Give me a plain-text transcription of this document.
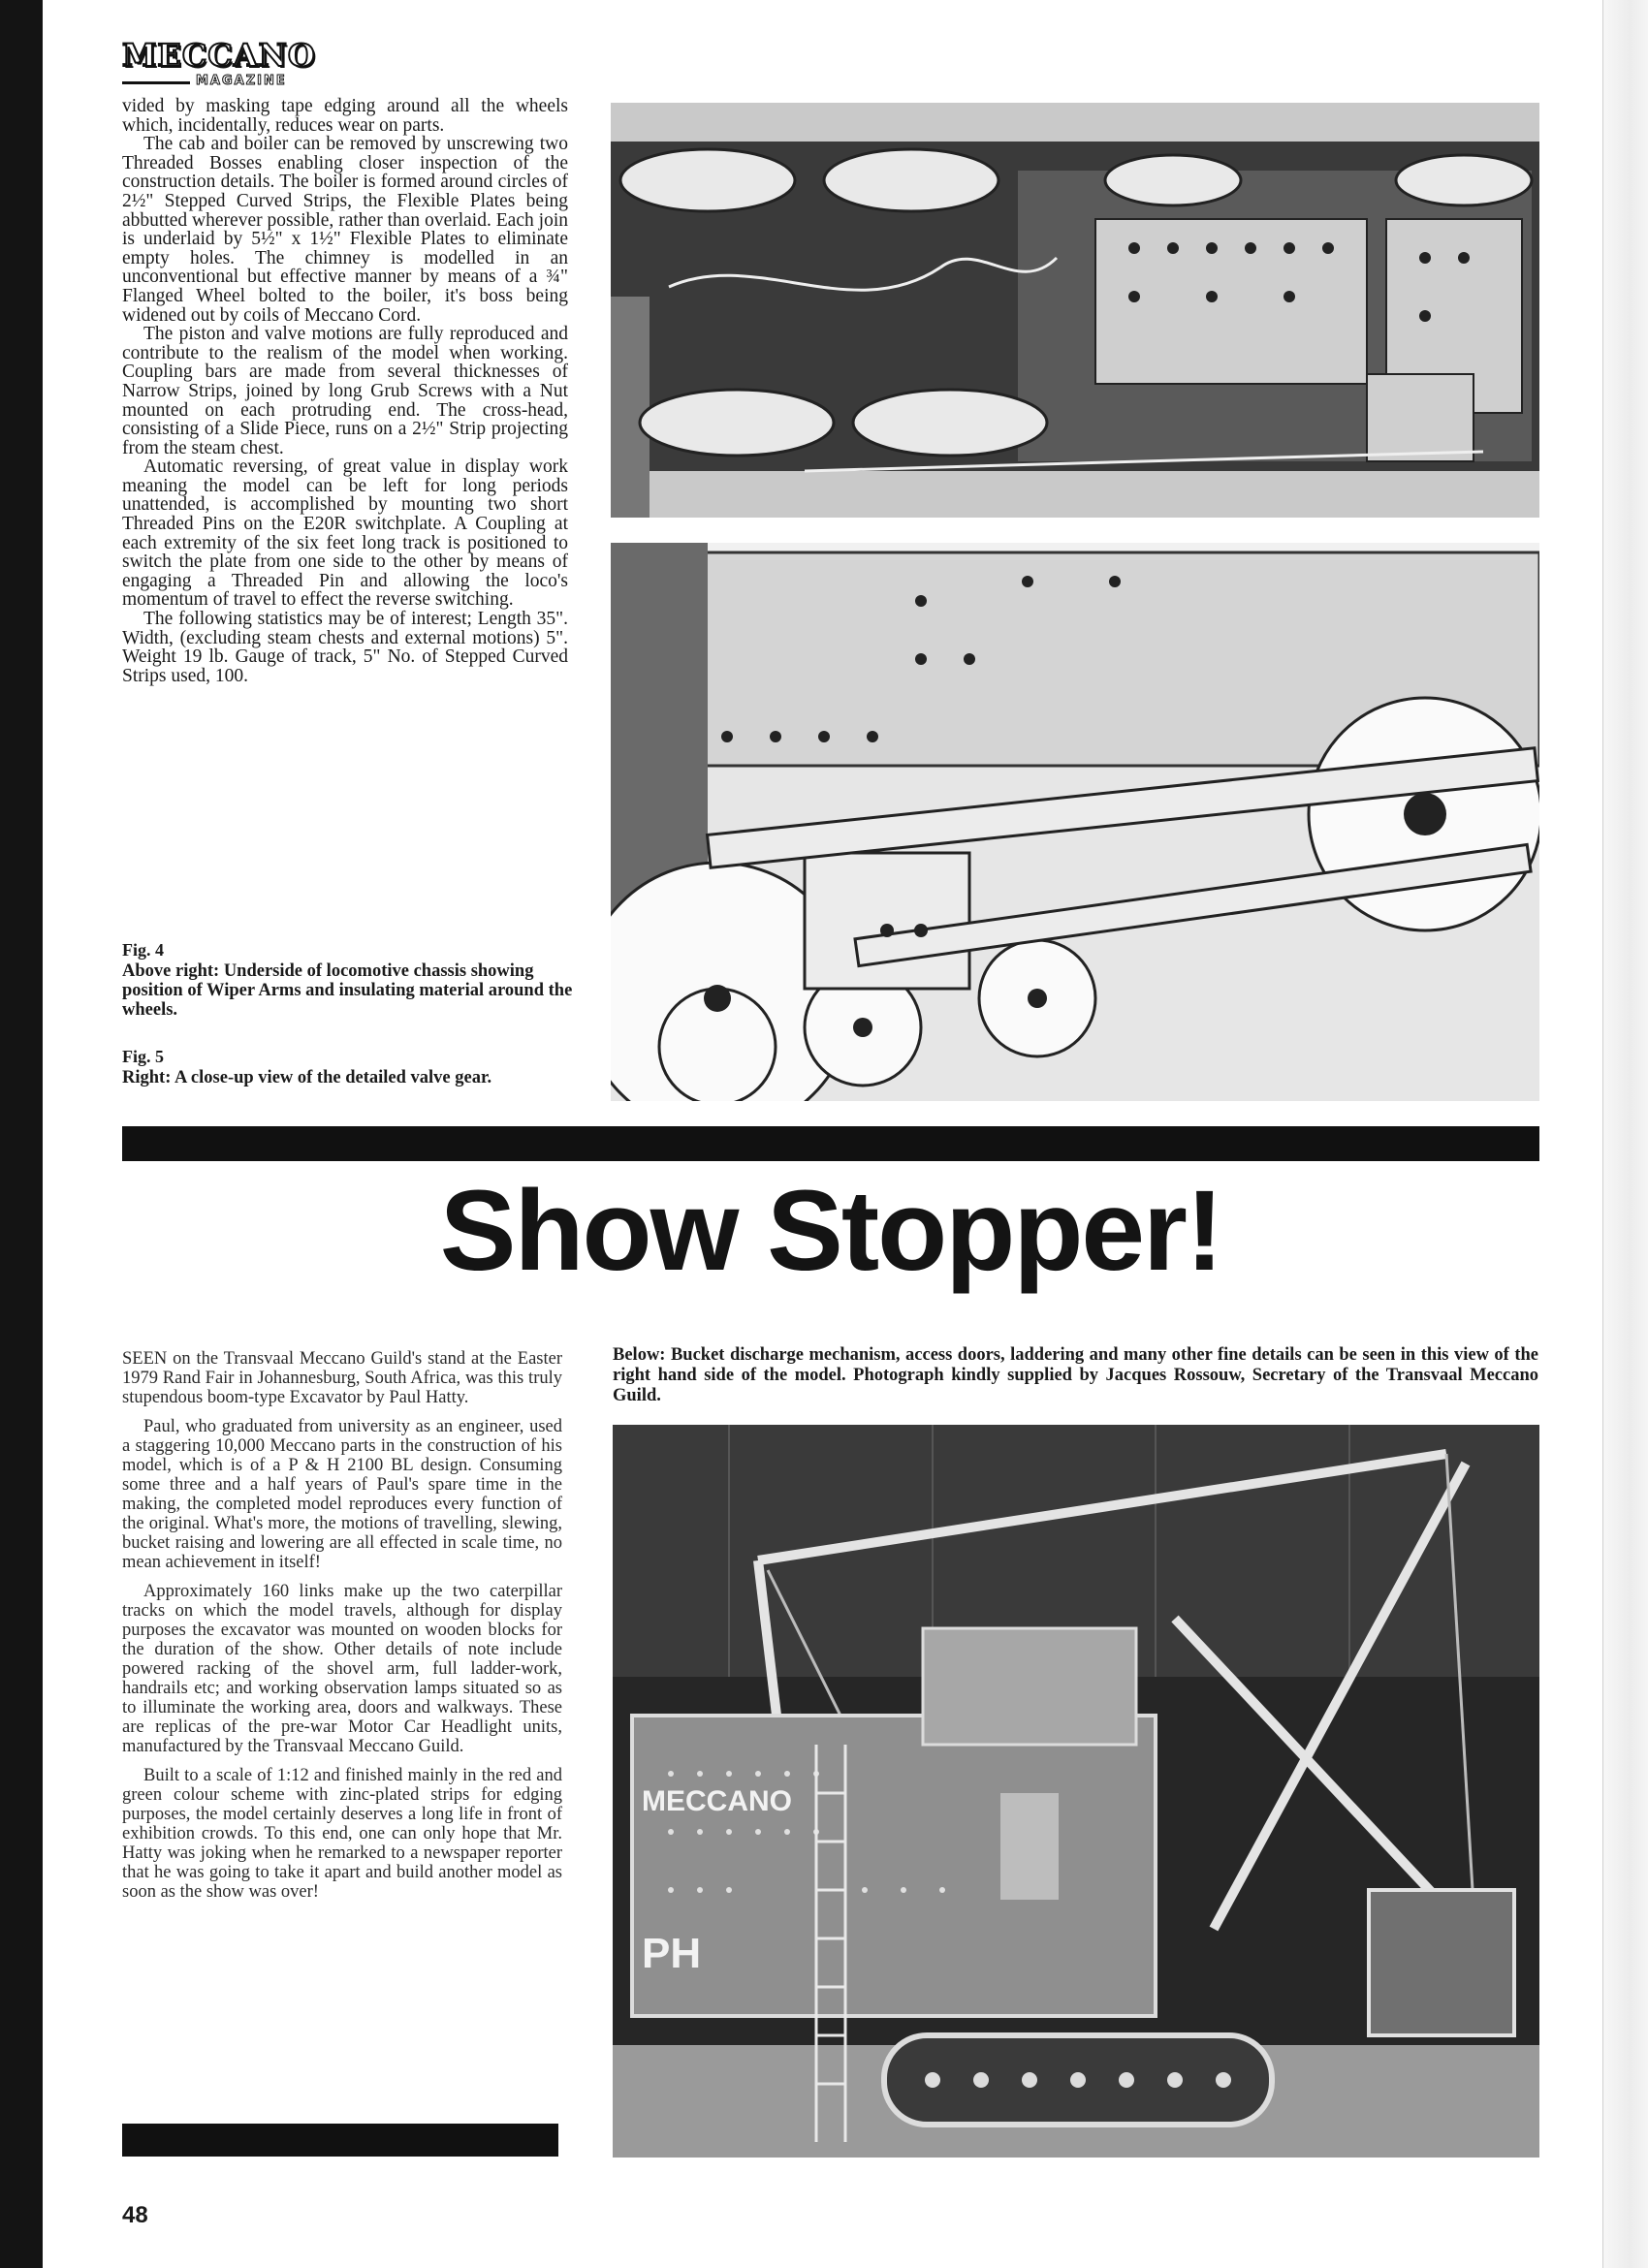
MECCANO
MAGAZINE

vided by masking tape edging around all the wheels which, incidentally, reduces wear on parts.

The cab and boiler can be removed by unscrewing two Threaded Bosses enabling closer inspection of the construction details. The boiler is formed around circles of 2½" Stepped Curved Strips, the Flexible Plates being abbutted wherever possible, rather than overlaid. Each join is underlaid by 5½" x 1½" Flexible Plates to eliminate empty holes. The chimney is modelled in an unconventional but effective manner by means of a ¾" Flanged Wheel bolted to the boiler, it's boss being widened out by coils of Meccano Cord.

The piston and valve motions are fully reproduced and contribute to the realism of the model when working. Coupling bars are made from several thicknesses of Narrow Strips, joined by long Grub Screws with a Nut mounted on each protruding end. The cross-head, consisting of a Slide Piece, runs on a 2½" Strip projecting from the steam chest.

Automatic reversing, of great value in display work meaning the model can be left for long periods unattended, is accomplished by mounting two short Threaded Pins on the E20R switchplate. A Coupling at each extremity of the six feet long track is positioned to switch the plate from one side to the other by means of engaging a Threaded Pin and allowing the loco's momentum of travel to effect the reverse switching.

The following statistics may be of interest; Length 35". Width, (excluding steam chests and external motions) 5". Weight 19 lb. Gauge of track, 5" No. of Stepped Curved Strips used, 100.

Fig. 4
Above right: Underside of locomotive chassis showing position of Wiper Arms and insulating material around the wheels.
Fig. 5
Right: A close-up view of the detailed valve gear.
Show Stopper!

SEEN on the Transvaal Meccano Guild's stand at the Easter 1979 Rand Fair in Johannesburg, South Africa, was this truly stupendous boom-type Excavator by Paul Hatty.

Paul, who graduated from university as an engineer, used a staggering 10,000 Meccano parts in the construction of his model, which is of a P & H 2100 BL design. Consuming some three and a half years of Paul's spare time in the making, the completed model reproduces every function of the original. What's more, the motions of travelling, slewing, bucket raising and lowering are all effected in scale time, no mean achievement in itself!

Approximately 160 links make up the two caterpillar tracks on which the model travels, although for display purposes the excavator was mounted on wooden blocks for the duration of the show. Other details of note include powered racking of the shovel arm, full ladder-work, handrails etc; and working observation lamps situated so as to illuminate the working area, doors and walkways. These are replicas of the pre-war Motor Car Headlight units, manufactured by the Transvaal Meccano Guild.

Built to a scale of 1:12 and finished mainly in the red and green colour scheme with zinc-plated strips for edging purposes, the model certainly deserves a long life in front of exhibition crowds. To this end, one can only hope that Mr. Hatty was joking when he remarked to a newspaper reporter that he was going to take it apart and build another model as soon as the show was over!

Below: Bucket discharge mechanism, access doors, laddering and many other fine details can be seen in this view of the right hand side of the model. Photograph kindly supplied by Jacques Rossouw, Secretary of the Transvaal Meccano Guild.
MECCANO
PH
48
